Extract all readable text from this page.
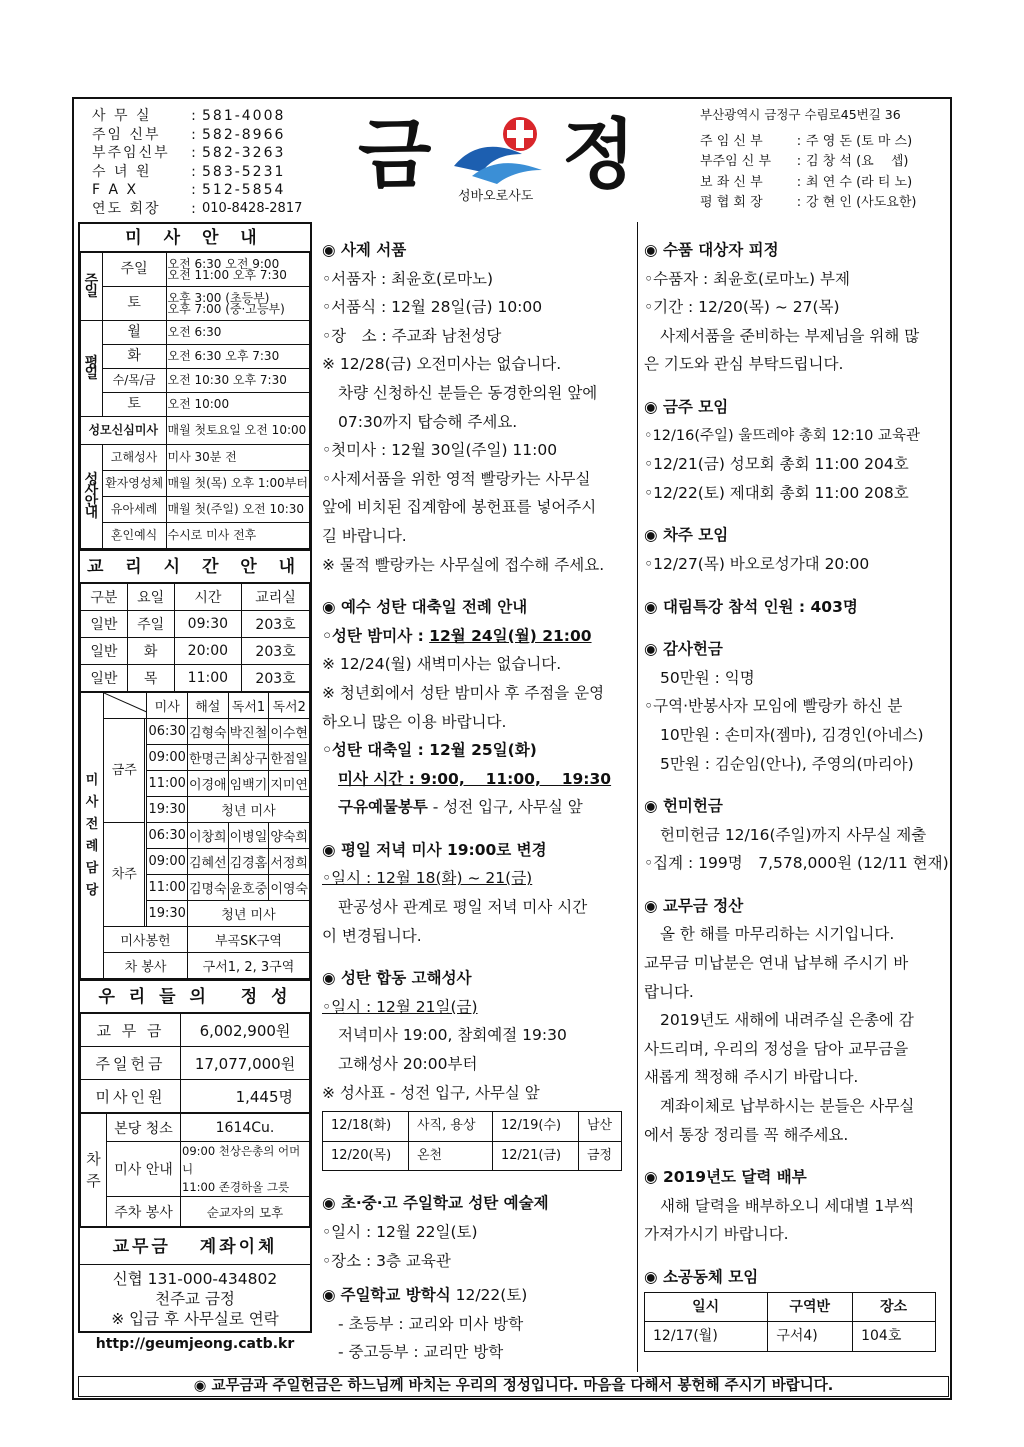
사 무 실	: 581-4008
주임 신부	: 582-8966
부주임신부	: 582-3263
수 녀 원	: 583-5231
F A X	: 512-5854
연도 회장	: 010-8428-2817
금 성바오로사도 정	부산광역시 금정구 수림로45번길 36
주 임 신 부	: 주 영 돈 (토 마 스)
부주임 신 부	: 김 창 석 (요　 셉)
보 좌 신 부	: 최 연 수 (라 티 노)
평 협 회 장	: 강 현 인 (사도요한)
미 사 안 내
주일	주일	오전 6:30 오전 9:00
오전 11:00 오후 7:30
	토	오후 3:00 (초등부)
오후 7:00 (중·고등부)
평일	월	오전 6:30
	화	오전 6:30 오후 7:30
	수/목/금	오전 10:30 오후 7:30
	토	오전 10:00
성모신심미사		매월 첫토요일 오전 10:00
성사안내	고해성사	미사 30분 전
	환자영성체	매월 첫(목) 오후 1:00부터
	유아세례	매월 첫(주일) 오전 10:30
	혼인예식	수시로 미사 전후
교 리 시 간 안 내
구분	요일	시간	교리실
일반	주일	09:30	203호
일반	화	20:00	203호
일반	목	11:00	203호
미사전례담당			미사	해설	독서1	독서2
	금주		06:30	김형숙	박진철	이수현
			09:00	한명근	최상구	한점일
			11:00	이경애	임백기	지미연
			19:30	청년 미사		
	차주		06:30	이창희	이병일	양숙희
			09:00	김혜선	김경홈	서정희
			11:00	김명숙	윤호중	이영숙
			19:30	청년 미사		
	미사봉헌			부곡SK구역		
	차 봉사			구서1, 2, 3구역		
우 리 들 의 　정 성
교 무 금	6,002,900원
주일헌금	17,077,000원
미사인원	1,445명
차주	본당 청소	1614Cu.
	미사 안내	09:00 천상은총의 어머니
11:00 존경하올 그릇
	주차 봉사	순교자의 모후
교무금 　계좌이체
신협 131-000-434802
천주교 금정
※ 입금 후 사무실로 연락
http://geumjeong.catb.kr
◉ 사제 서품
◦서품자 : 최윤호(로마노)
◦서품식 : 12월 28일(금) 10:00
◦장　소 : 주교좌 남천성당
※ 12/28(금) 오전미사는 없습니다.
차량 신청하신 분들은 동경한의원 앞에
07:30까지 탑승해 주세요.
◦첫미사 : 12월 30일(주일) 11:00
◦사제서품을 위한 영적 빨랑카는 사무실
앞에 비치된 집계함에 봉헌표를 넣어주시
길 바랍니다.
※ 물적 빨랑카는 사무실에 접수해 주세요.
◉ 예수 성탄 대축일 전례 안내
◦성탄 밤미사 : 12월 24일(월) 21:00
※ 12/24(월) 새벽미사는 없습니다.
※ 청년회에서 성탄 밤미사 후 주점을 운영
하오니 많은 이용 바랍니다.
◦성탄 대축일 : 12월 25일(화)
미사 시간 : 9:00, 　11:00, 　19:30
구유예물봉투 - 성전 입구, 사무실 앞
◉ 평일 저녁 미사 19:00로 변경
◦일시 : 12월 18(화) ~ 21(금)
판공성사 관계로 평일 저녁 미사 시간
이 변경됩니다.
◉ 성탄 합동 고해성사
◦일시 : 12월 21일(금)
저녁미사 19:00, 참회예절 19:30
고해성사 20:00부터
※ 성사표 - 성전 입구, 사무실 앞
12/18(화)	사직, 용상	12/19(수)	남산
12/20(목)	온천	12/21(금)	금정
◉ 초·중·고 주일학교 성탄 예술제
◦일시 : 12월 22일(토)
◦장소 : 3층 교육관
◉ 주일학교 방학식 12/22(토)
- 초등부 : 교리와 미사 방학
- 중고등부 : 교리만 방학
◉ 수품 대상자 피정
◦수품자 : 최윤호(로마노) 부제
◦기간 : 12/20(목) ~ 27(목)
사제서품을 준비하는 부제님을 위해 많
은 기도와 관심 부탁드립니다.
◉ 금주 모임
◦12/16(주일) 울뜨레야 총회 12:10 교육관
◦12/21(금) 성모회 총회 11:00 204호
◦12/22(토) 제대회 총회 11:00 208호
◉ 차주 모임
◦12/27(목) 바오로성가대 20:00
◉ 대림특강 참석 인원 : 403명
◉ 감사헌금
50만원 : 익명
◦구역·반봉사자 모임에 빨랑카 하신 분
10만원 : 손미자(젬마), 김경인(아네스)
5만원 : 김순임(안나), 주영의(마리아)
◉ 헌미헌금
헌미헌금 12/16(주일)까지 사무실 제출
◦집계 : 199명　7,578,000원 (12/11 현재)
◉ 교무금 정산
올 한 해를 마무리하는 시기입니다.
교무금 미납분은 연내 납부해 주시기 바
랍니다.
2019년도 새해에 내려주실 은총에 감
사드리며, 우리의 정성을 담아 교무금을
새롭게 책정해 주시기 바랍니다.
계좌이체로 납부하시는 분들은 사무실
에서 통장 정리를 꼭 해주세요.
◉ 2019년도 달력 배부
새해 달력을 배부하오니 세대별 1부씩
가져가시기 바랍니다.
◉ 소공동체 모임
일시	구역반	장소
12/17(월)	구서4)	104호
◉ 교무금과 주일헌금은 하느님께 바치는 우리의 정성입니다. 마음을 다해서 봉헌해 주시기 바랍니다.
